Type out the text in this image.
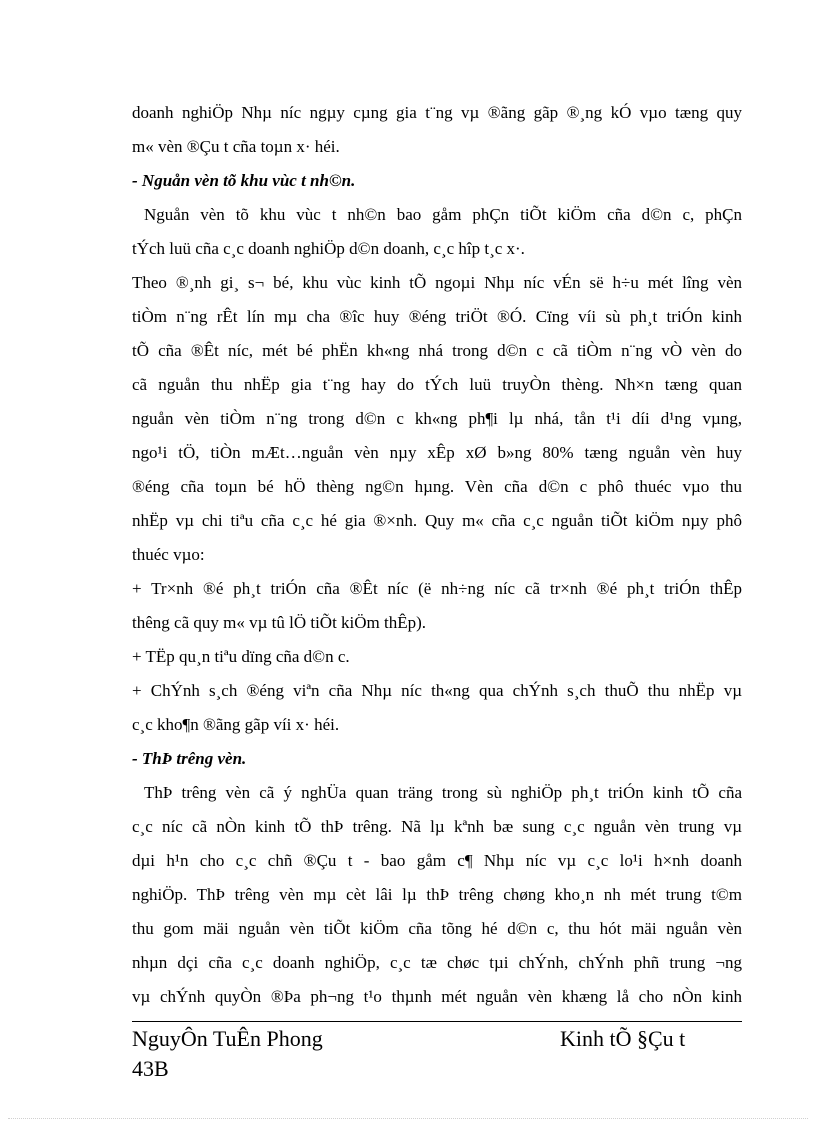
doanh nghiÖp Nhµ níc ngµy cµng gia t¨ng vµ ®ãng gãp ®¸ng kÓ vµo tæng quy
m« vèn ®Çu t cña toµn x· héi.
- Nguån vèn tõ khu vùc t nh©n.
Nguån vèn tõ khu vùc t nh©n bao gåm phÇn tiÕt kiÖm cña d©n c, phÇn
tÝch luü cña c¸c doanh nghiÖp d©n doanh, c¸c hîp t¸c x·.
Theo ®¸nh gi¸ s¬ bé, khu vùc kinh tÕ ngoµi Nhµ níc vÉn së h÷u mét lîng vèn
tiÒm n¨ng rÊt lín mµ cha ®îc huy ®éng triÖt ®Ó. Cïng víi sù ph¸t triÓn kinh
tÕ cña ®Êt níc, mét bé phËn kh«ng nhá trong d©n c cã tiÒm n¨ng vÒ vèn do
cã nguån thu nhËp gia t¨ng hay do tÝch luü truyÒn thèng. Nh×n tæng quan
nguån vèn tiÒm n¨ng trong d©n c kh«ng ph¶i lµ nhá, tån t¹i díi d¹ng vµng,
ngo¹i tÖ, tiÒn mÆt…nguån vèn nµy xÊp xØ b»ng 80% tæng nguån vèn huy
®éng cña toµn bé hÖ thèng ng©n hµng. Vèn cña d©n c phô thuéc vµo thu
nhËp vµ chi tiªu cña c¸c hé gia ®×nh. Quy m« cña c¸c nguån tiÕt kiÖm nµy phô
thuéc vµo:
+ Tr×nh ®é ph¸t triÓn cña ®Êt níc (ë nh÷ng níc cã tr×nh ®é ph¸t triÓn thÊp
thêng cã quy m« vµ tû lÖ tiÕt kiÖm thÊp).
+ TËp qu¸n tiªu dïng cña d©n c.
+ ChÝnh s¸ch ®éng viªn cña Nhµ níc th«ng qua chÝnh s¸ch thuÕ thu nhËp vµ
c¸c kho¶n ®ãng gãp víi x· héi.
- ThÞ trêng vèn.
ThÞ trêng vèn cã ý nghÜa quan träng trong sù nghiÖp ph¸t triÓn kinh tÕ cña
c¸c níc cã nÒn kinh tÕ thÞ trêng. Nã lµ kªnh bæ sung c¸c nguån vèn trung vµ
dµi h¹n cho c¸c chñ ®Çu t - bao gåm c¶ Nhµ níc vµ c¸c lo¹i h×nh doanh
nghiÖp. ThÞ trêng vèn mµ cèt lâi lµ thÞ trêng chøng kho¸n nh mét trung t©m
thu gom mäi nguån vèn tiÕt kiÖm cña tõng hé d©n c, thu hót mäi nguån vèn
nhµn dçi cña c¸c doanh nghiÖp, c¸c tæ chøc tµi chÝnh, chÝnh phñ trung ¬ng
vµ chÝnh quyÒn ®Þa ph¬ng t¹o thµnh mét nguån vèn khæng lå cho nÒn kinh
NguyÔn TuÊn Phong	Kinh tÕ §Çu t
43B
